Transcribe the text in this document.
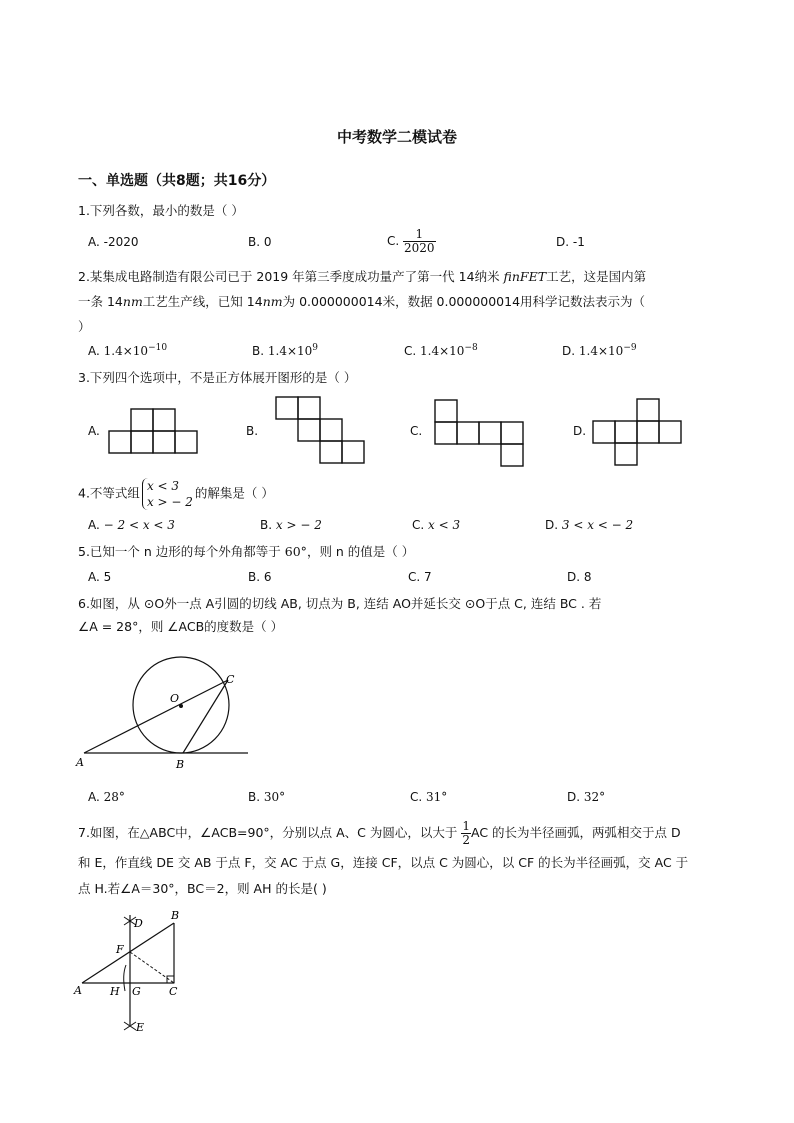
中考数学二模试卷
一、单选题（共8题；共16分）
1.下列各数，最小的数是（ ）
A. -2020	B. 0	C. $\frac{1}{2020}$	D. -1
2.某集成电路制造有限公司已于 2019 年第三季度成功量产了第一代 14纳米 finFET工艺，这是国内第
一条 14nm工艺生产线，已知 14nm为 0.000000014米，数据 0.000000014用科学记数法表示为（
）
A. $1.4\times 10^{-10}$	B. $1.4\times 10^9$	C. $1.4\times 10^{-8}$	D. $1.4\times 10^{-9}$
3.下列四个选项中，不是正方体展开图形的是（ ）
A.	B.	C.	D.
4.不等式组 x < 3
x > − 2
的解集是（ ）
A. − 2 < x < 3	B. x > − 2	C. x < 3	D. 3 < x < − 2
5.已知一个 n 边形的每个外角都等于 60°，则 n 的值是（ ）
A. 5	B. 6	C. 7	D. 8
6.如图，从 ⊙O外一点 A引圆的切线 AB, 切点为 B, 连结 AO并延长交 ⊙O于点 C, 连结 BC . 若
∠A = 28°，则 ∠ACB的度数是（ ）
O
C
A	B
A. 28°	B. 30°	C. 31°	D. 32°
7.如图，在△ABC中，∠ACB=90°，分别以点 A、C 为圆心，以大于 $\frac{1}{2}$ AC 的长为半径画弧，两弧相交于点 D
和 E，作直线 DE 交 AB 于点 F，交 AC 于点 G，连接 CF，以点 C 为圆心，以 CF 的长为半径画弧，交 AC 于
点 H.若∠A＝30°，BC＝2，则 AH 的长是( )
D
B
F
A	H G	C
E
